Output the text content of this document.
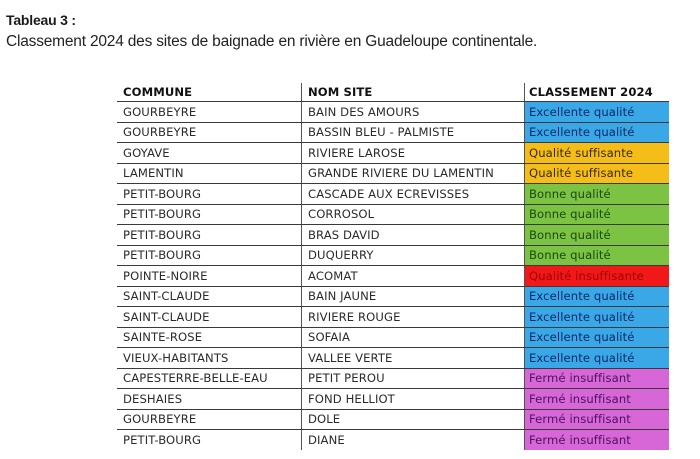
Tableau 3 :
Classement 2024 des sites de baignade en rivière en Guadeloupe continentale.
COMMUNE	NOM SITE	CLASSEMENT 2024
GOURBEYRE	BAIN DES AMOURS	Excellente qualité
GOURBEYRE	BASSIN BLEU - PALMISTE	Excellente qualité
GOYAVE	RIVIERE LAROSE	Qualité suffisante
LAMENTIN	GRANDE RIVIERE DU LAMENTIN	Qualité suffisante
PETIT-BOURG	CASCADE AUX ECREVISSES	Bonne qualité
PETIT-BOURG	CORROSOL	Bonne qualité
PETIT-BOURG	BRAS DAVID	Bonne qualité
PETIT-BOURG	DUQUERRY	Bonne qualité
POINTE-NOIRE	ACOMAT	Qualité insuffisante
SAINT-CLAUDE	BAIN JAUNE	Excellente qualité
SAINT-CLAUDE	RIVIERE ROUGE	Excellente qualité
SAINTE-ROSE	SOFAIA	Excellente qualité
VIEUX-HABITANTS	VALLEE VERTE	Excellente qualité
CAPESTERRE-BELLE-EAU	PETIT PEROU	Fermé insuffisant
DESHAIES	FOND HELLIOT	Fermé insuffisant
GOURBEYRE	DOLE	Fermé insuffisant
PETIT-BOURG	DIANE	Fermé insuffisant
